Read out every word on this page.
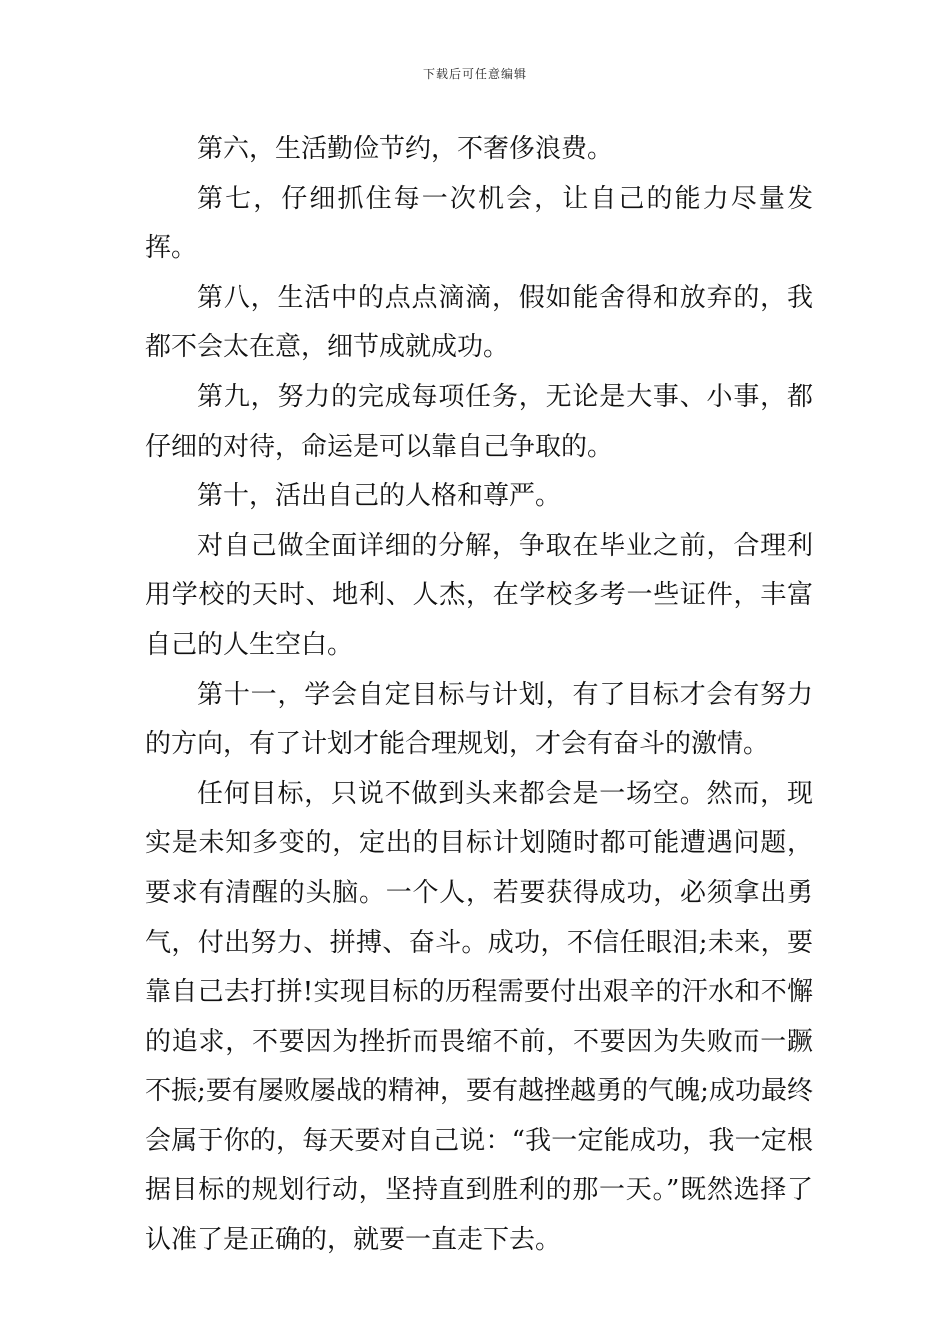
下载后可任意编辑

第六，生活勤俭节约，不奢侈浪费。

第七，仔细抓住每一次机会，让自己的能力尽量发挥。

第八，生活中的点点滴滴，假如能舍得和放弃的，我都不会太在意，细节成就成功。

第九，努力的完成每项任务，无论是大事、小事，都仔细的对待，命运是可以靠自己争取的。

第十，活出自己的人格和尊严。

对自己做全面详细的分解，争取在毕业之前，合理利用学校的天时、地利、人杰，在学校多考一些证件，丰富自己的人生空白。

第十一，学会自定目标与计划，有了目标才会有努力的方向，有了计划才能合理规划，才会有奋斗的激情。

任何目标，只说不做到头来都会是一场空。然而，现实是未知多变的，定出的目标计划随时都可能遭遇问题，要求有清醒的头脑。一个人，若要获得成功，必须拿出勇气，付出努力、拼搏、奋斗。成功，不信任眼泪;未来，要靠自己去打拼!实现目标的历程需要付出艰辛的汗水和不懈的追求，不要因为挫折而畏缩不前，不要因为失败而一蹶不振;要有屡败屡战的精神，要有越挫越勇的气魄;成功最终会属于你的，每天要对自己说：“我一定能成功，我一定根据目标的规划行动，坚持直到胜利的那一天。”既然选择了认准了是正确的，就要一直走下去。
